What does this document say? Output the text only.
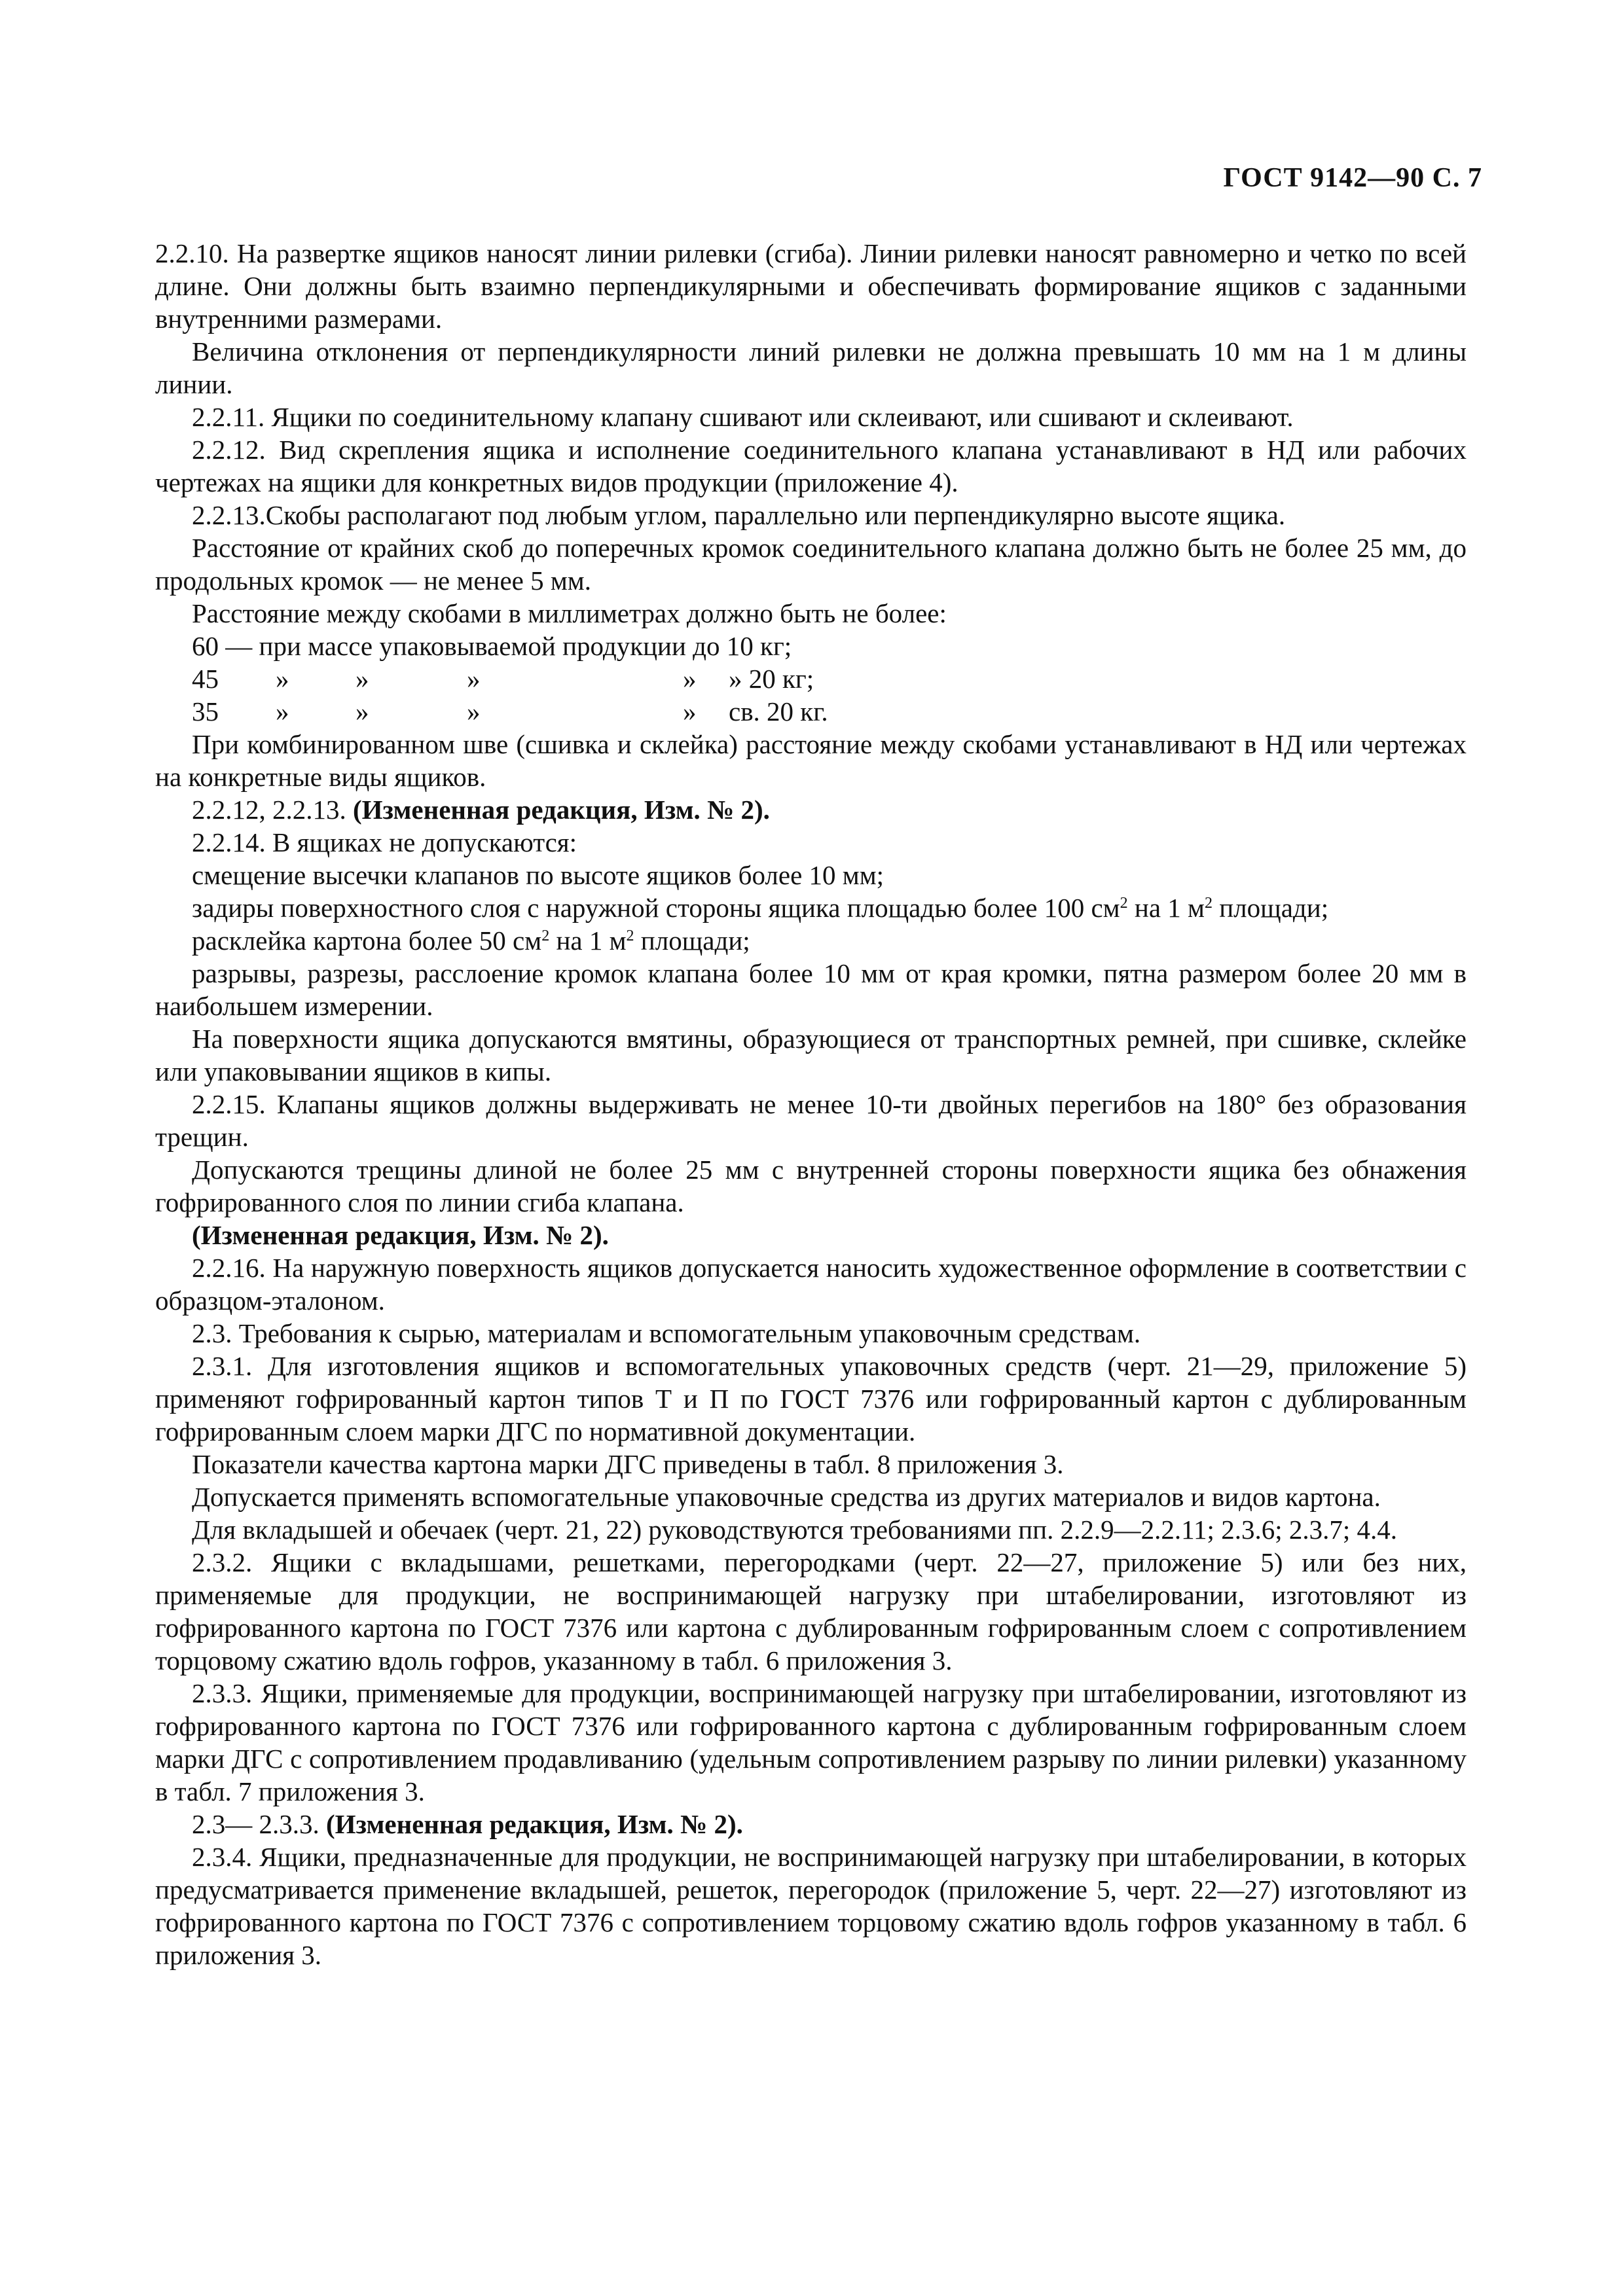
ГОСТ 9142—90 С. 7

2.2.10. На развертке ящиков наносят линии рилевки (сгиба). Линии рилевки наносят равномерно и четко по всей длине. Они должны быть взаимно перпендикулярными и обеспечивать формирование ящиков с заданными внутренними размерами.

Величина отклонения от перпендикулярности линий рилевки не должна превышать 10 мм на 1 м длины линии.

2.2.11. Ящики по соединительному клапану сшивают или склеивают, или сшивают и склеивают.

2.2.12. Вид скрепления ящика и исполнение соединительного клапана устанавливают в НД или рабочих чертежах на ящики для конкретных видов продукции (приложение 4).

2.2.13.Скобы располагают под любым углом, параллельно или перпендикулярно высоте ящика.

Расстояние от крайних скоб до поперечных кромок соединительного клапана должно быть не более 25 мм, до продольных кромок — не менее 5 мм.

Расстояние между скобами в миллиметрах должно быть не более:

60 — при массе упаковываемой продукции до 10 кг;
45	»	»	»	»	» 20 кг;
35	»	»	»	»	св. 20 кг.

При комбинированном шве (сшивка и склейка) расстояние между скобами устанавливают в НД или чертежах на конкретные виды ящиков.

2.2.12, 2.2.13. (Измененная редакция, Изм. № 2).

2.2.14. В ящиках не допускаются:

смещение высечки клапанов по высоте ящиков более 10 мм;

задиры поверхностного слоя с наружной стороны ящика площадью более 100 $см^2$ на 1 $м^2$ площади;

расклейка картона более 50 $см^2$ на 1 $м^2$ площади;

разрывы, разрезы, расслоение кромок клапана более 10 мм от края кромки, пятна размером более 20 мм в наибольшем измерении.

На поверхности ящика допускаются вмятины, образующиеся от транспортных ремней, при сшивке, склейке или упаковывании ящиков в кипы.

2.2.15. Клапаны ящиков должны выдерживать не менее 10-ти двойных перегибов на 180° без образования трещин.

Допускаются трещины длиной не более 25 мм с внутренней стороны поверхности ящика без обнажения гофрированного слоя по линии сгиба клапана.

(Измененная редакция, Изм. № 2).

2.2.16. На наружную поверхность ящиков допускается наносить художественное оформление в соответствии с образцом-эталоном.

2.3. Требования к сырью, материалам и вспомогательным упаковочным средствам.

2.3.1. Для изготовления ящиков и вспомогательных упаковочных средств (черт. 21—29, приложение 5) применяют гофрированный картон типов Т и П по ГОСТ 7376 или гофрированный картон с дублированным гофрированным слоем марки ДГС по нормативной документации.

Показатели качества картона марки ДГС приведены в табл. 8 приложения 3.

Допускается применять вспомогательные упаковочные средства из других материалов и видов картона.

Для вкладышей и обечаек (черт. 21, 22) руководствуются требованиями пп. 2.2.9—2.2.11; 2.3.6; 2.3.7; 4.4.

2.3.2. Ящики с вкладышами, решетками, перегородками (черт. 22—27, приложение 5) или без них, применяемые для продукции, не воспринимающей нагрузку при штабелировании, изготовляют из гофрированного картона по ГОСТ 7376 или картона с дублированным гофрированным слоем с сопротивлением торцовому сжатию вдоль гофров, указанному в табл. 6 приложения 3.

2.3.3. Ящики, применяемые для продукции, воспринимающей нагрузку при штабелировании, изготовляют из гофрированного картона по ГОСТ 7376 или гофрированного картона с дублированным гофрированным слоем марки ДГС с сопротивлением продавливанию (удельным сопротивлением разрыву по линии рилевки) указанному в табл. 7 приложения 3.

2.3— 2.3.3. (Измененная редакция, Изм. № 2).

2.3.4. Ящики, предназначенные для продукции, не воспринимающей нагрузку при штабелировании, в которых предусматривается применение вкладышей, решеток, перегородок (приложение 5, черт. 22—27) изготовляют из гофрированного картона по ГОСТ 7376 с сопротивлением торцовому сжатию вдоль гофров указанному в табл. 6 приложения 3.
